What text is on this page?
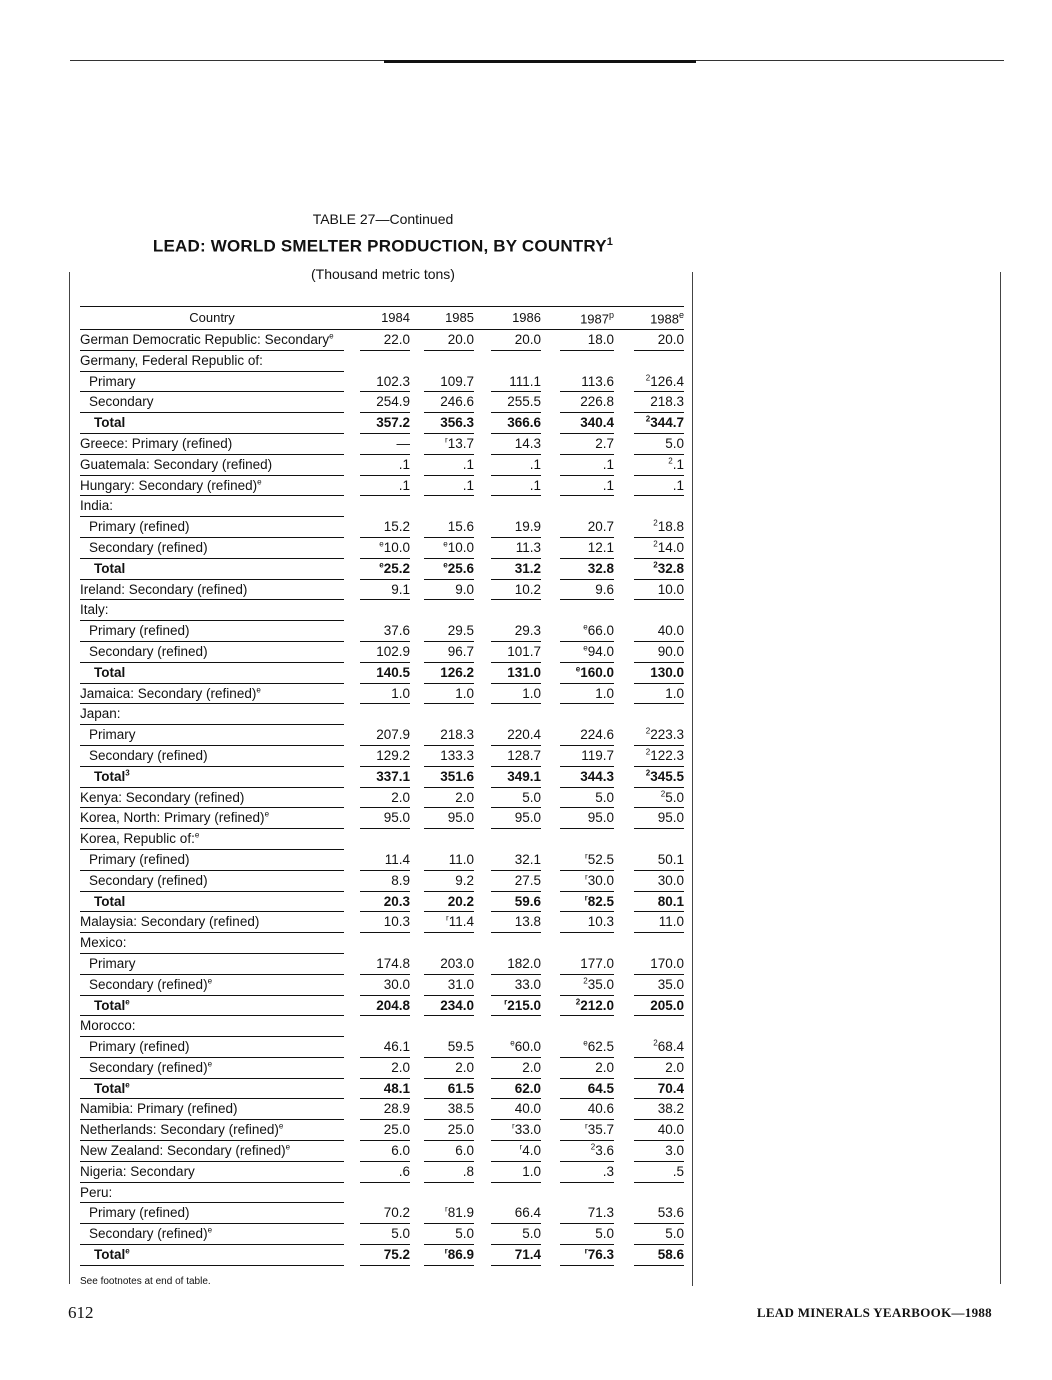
TABLE 27—Continued
LEAD: WORLD SMELTER PRODUCTION, BY COUNTRY$^1$
(Thousand metric tons)
Country	1984	1985	1986	1987$^p$	1988e
German Democratic Republic: Secondary$^e$	22.0	20.0	20.0	18.0	20.0
Germany, Federal Republic of:
Primary	102.3	109.7	111.1	113.6	$^2$126.4
Secondary	254.9	246.6	255.5	226.8	218.3
Total	357.2	356.3	366.6	340.4	$^2$344.7
Greece: Primary (refined)	—	$^r$13.7	14.3	2.7	5.0
Guatemala: Secondary (refined)	.1	.1	.1	.1	$^2$.1
Hungary: Secondary (refined)$^e$	.1	.1	.1	.1	.1
India:
Primary (refined)	15.2	15.6	19.9	20.7	$^2$18.8
Secondary (refined)	$^e$10.0	$^e$10.0	11.3	12.1	$^2$14.0
Total	$^e$25.2	$^e$25.6	31.2	32.8	$^2$32.8
Ireland: Secondary (refined)	9.1	9.0	10.2	9.6	10.0
Italy:
Primary (refined)	37.6	29.5	29.3	$^e$66.0	40.0
Secondary (refined)	102.9	96.7	101.7	$^e$94.0	90.0
Total	140.5	126.2	131.0	$^e$160.0	130.0
Jamaica: Secondary (refined)$^e$	1.0	1.0	1.0	1.0	1.0
Japan:
Primary	207.9	218.3	220.4	224.6	$^2$223.3
Secondary (refined)	129.2	133.3	128.7	119.7	$^2$122.3
Total$^3$	337.1	351.6	349.1	344.3	$^2$345.5
Kenya: Secondary (refined)	2.0	2.0	5.0	5.0	$^2$5.0
Korea, North: Primary (refined)$^e$	95.0	95.0	95.0	95.0	95.0
Korea, Republic of:$^e$
Primary (refined)	11.4	11.0	32.1	$^r$52.5	50.1
Secondary (refined)	8.9	9.2	27.5	$^r$30.0	30.0
Total	20.3	20.2	59.6	$^r$82.5	80.1
Malaysia: Secondary (refined)	10.3	$^r$11.4	13.8	10.3	11.0
Mexico:
Primary	174.8	203.0	182.0	177.0	170.0
Secondary (refined)$^e$	30.0	31.0	33.0	$^2$35.0	35.0
Total$^e$	204.8	234.0	$^r$215.0	$^2$212.0	205.0
Morocco:
Primary (refined)	46.1	59.5	$^e$60.0	$^e$62.5	$^2$68.4
Secondary (refined)$^e$	2.0	2.0	2.0	2.0	2.0
Total$^e$	48.1	61.5	62.0	64.5	70.4
Namibia: Primary (refined)	28.9	38.5	40.0	40.6	38.2
Netherlands: Secondary (refined)$^e$	25.0	25.0	$^r$33.0	$^r$35.7	40.0
New Zealand: Secondary (refined)$^e$	6.0	6.0	$^r$4.0	$^2$3.6	3.0
Nigeria: Secondary	.6	.8	1.0	.3	.5
Peru:
Primary (refined)	70.2	$^r$81.9	66.4	71.3	53.6
Secondary (refined)$^e$	5.0	5.0	5.0	5.0	5.0
Total$^e$	75.2	$^r$86.9	71.4	$^r$76.3	58.6
See footnotes at end of table.
612	LEAD MINERALS YEARBOOK—1988
